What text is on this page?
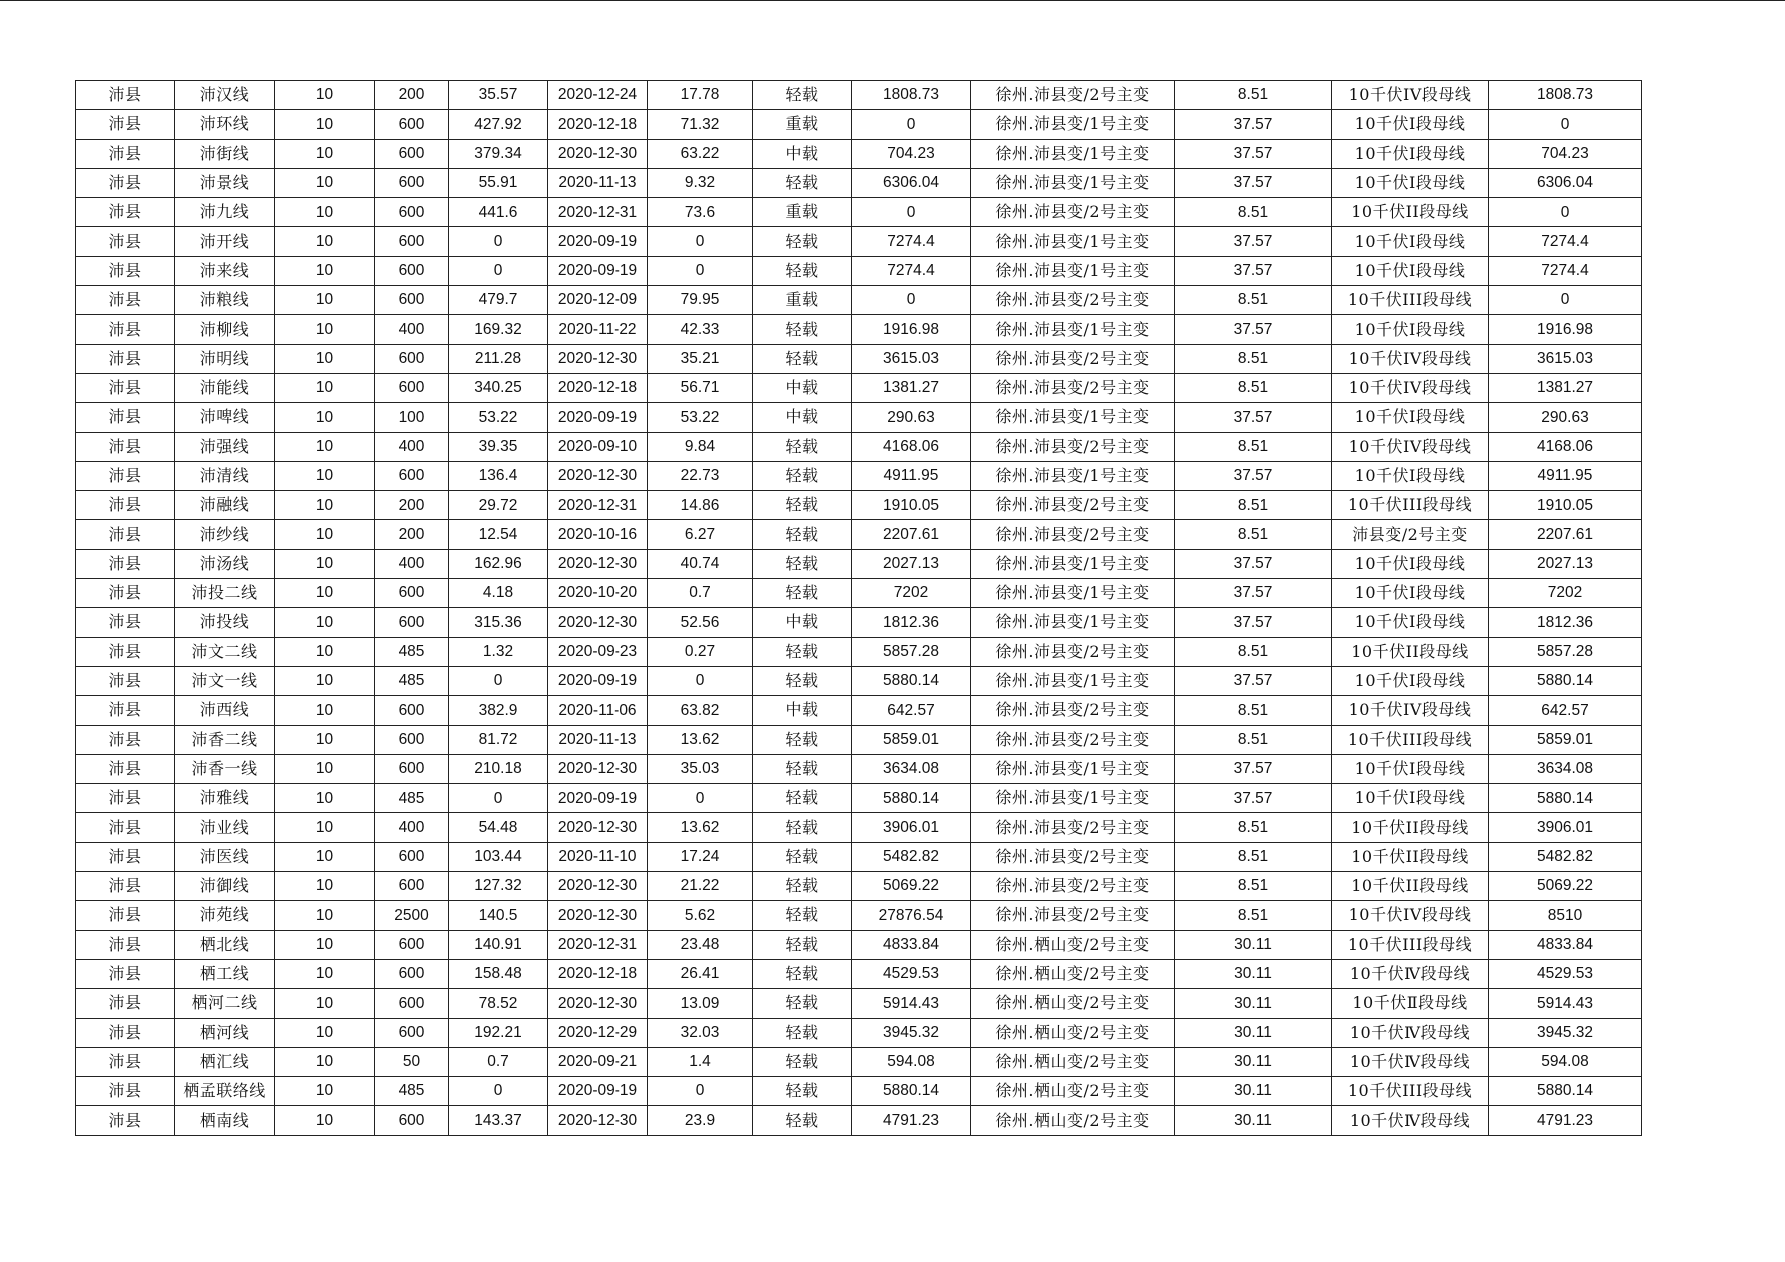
沛县	沛汉线	10	200	35.57	2020-12-24	17.78	轻载	1808.73	徐州.沛县变/2号主变	8.51	10千伏IV段母线	1808.73
沛县	沛环线	10	600	427.92	2020-12-18	71.32	重载	0	徐州.沛县变/1号主变	37.57	10千伏Ⅰ段母线	0
沛县	沛街线	10	600	379.34	2020-12-30	63.22	中载	704.23	徐州.沛县变/1号主变	37.57	10千伏Ⅰ段母线	704.23
沛县	沛景线	10	600	55.91	2020-11-13	9.32	轻载	6306.04	徐州.沛县变/1号主变	37.57	10千伏Ⅰ段母线	6306.04
沛县	沛九线	10	600	441.6	2020-12-31	73.6	重载	0	徐州.沛县变/2号主变	8.51	10千伏II段母线	0
沛县	沛开线	10	600	0	2020-09-19	0	轻载	7274.4	徐州.沛县变/1号主变	37.57	10千伏Ⅰ段母线	7274.4
沛县	沛来线	10	600	0	2020-09-19	0	轻载	7274.4	徐州.沛县变/1号主变	37.57	10千伏Ⅰ段母线	7274.4
沛县	沛粮线	10	600	479.7	2020-12-09	79.95	重载	0	徐州.沛县变/2号主变	8.51	10千伏III段母线	0
沛县	沛柳线	10	400	169.32	2020-11-22	42.33	轻载	1916.98	徐州.沛县变/1号主变	37.57	10千伏Ⅰ段母线	1916.98
沛县	沛明线	10	600	211.28	2020-12-30	35.21	轻载	3615.03	徐州.沛县变/2号主变	8.51	10千伏IV段母线	3615.03
沛县	沛能线	10	600	340.25	2020-12-18	56.71	中载	1381.27	徐州.沛县变/2号主变	8.51	10千伏IV段母线	1381.27
沛县	沛啤线	10	100	53.22	2020-09-19	53.22	中载	290.63	徐州.沛县变/1号主变	37.57	10千伏Ⅰ段母线	290.63
沛县	沛强线	10	400	39.35	2020-09-10	9.84	轻载	4168.06	徐州.沛县变/2号主变	8.51	10千伏IV段母线	4168.06
沛县	沛清线	10	600	136.4	2020-12-30	22.73	轻载	4911.95	徐州.沛县变/1号主变	37.57	10千伏Ⅰ段母线	4911.95
沛县	沛融线	10	200	29.72	2020-12-31	14.86	轻载	1910.05	徐州.沛县变/2号主变	8.51	10千伏III段母线	1910.05
沛县	沛纱线	10	200	12.54	2020-10-16	6.27	轻载	2207.61	徐州.沛县变/2号主变	8.51	沛县变/2号主变	2207.61
沛县	沛汤线	10	400	162.96	2020-12-30	40.74	轻载	2027.13	徐州.沛县变/1号主变	37.57	10千伏Ⅰ段母线	2027.13
沛县	沛投二线	10	600	4.18	2020-10-20	0.7	轻载	7202	徐州.沛县变/1号主变	37.57	10千伏Ⅰ段母线	7202
沛县	沛投线	10	600	315.36	2020-12-30	52.56	中载	1812.36	徐州.沛县变/1号主变	37.57	10千伏Ⅰ段母线	1812.36
沛县	沛文二线	10	485	1.32	2020-09-23	0.27	轻载	5857.28	徐州.沛县变/2号主变	8.51	10千伏II段母线	5857.28
沛县	沛文一线	10	485	0	2020-09-19	0	轻载	5880.14	徐州.沛县变/1号主变	37.57	10千伏Ⅰ段母线	5880.14
沛县	沛西线	10	600	382.9	2020-11-06	63.82	中载	642.57	徐州.沛县变/2号主变	8.51	10千伏IV段母线	642.57
沛县	沛香二线	10	600	81.72	2020-11-13	13.62	轻载	5859.01	徐州.沛县变/2号主变	8.51	10千伏III段母线	5859.01
沛县	沛香一线	10	600	210.18	2020-12-30	35.03	轻载	3634.08	徐州.沛县变/1号主变	37.57	10千伏Ⅰ段母线	3634.08
沛县	沛雅线	10	485	0	2020-09-19	0	轻载	5880.14	徐州.沛县变/1号主变	37.57	10千伏Ⅰ段母线	5880.14
沛县	沛业线	10	400	54.48	2020-12-30	13.62	轻载	3906.01	徐州.沛县变/2号主变	8.51	10千伏II段母线	3906.01
沛县	沛医线	10	600	103.44	2020-11-10	17.24	轻载	5482.82	徐州.沛县变/2号主变	8.51	10千伏II段母线	5482.82
沛县	沛御线	10	600	127.32	2020-12-30	21.22	轻载	5069.22	徐州.沛县变/2号主变	8.51	10千伏II段母线	5069.22
沛县	沛苑线	10	2500	140.5	2020-12-30	5.62	轻载	27876.54	徐州.沛县变/2号主变	8.51	10千伏IV段母线	8510
沛县	栖北线	10	600	140.91	2020-12-31	23.48	轻载	4833.84	徐州.栖山变/2号主变	30.11	10千伏III段母线	4833.84
沛县	栖工线	10	600	158.48	2020-12-18	26.41	轻载	4529.53	徐州.栖山变/2号主变	30.11	10千伏Ⅳ段母线	4529.53
沛县	栖河二线	10	600	78.52	2020-12-30	13.09	轻载	5914.43	徐州.栖山变/2号主变	30.11	10千伏Ⅱ段母线	5914.43
沛县	栖河线	10	600	192.21	2020-12-29	32.03	轻载	3945.32	徐州.栖山变/2号主变	30.11	10千伏Ⅳ段母线	3945.32
沛县	栖汇线	10	50	0.7	2020-09-21	1.4	轻载	594.08	徐州.栖山变/2号主变	30.11	10千伏Ⅳ段母线	594.08
沛县	栖孟联络线	10	485	0	2020-09-19	0	轻载	5880.14	徐州.栖山变/2号主变	30.11	10千伏III段母线	5880.14
沛县	栖南线	10	600	143.37	2020-12-30	23.9	轻载	4791.23	徐州.栖山变/2号主变	30.11	10千伏Ⅳ段母线	4791.23
